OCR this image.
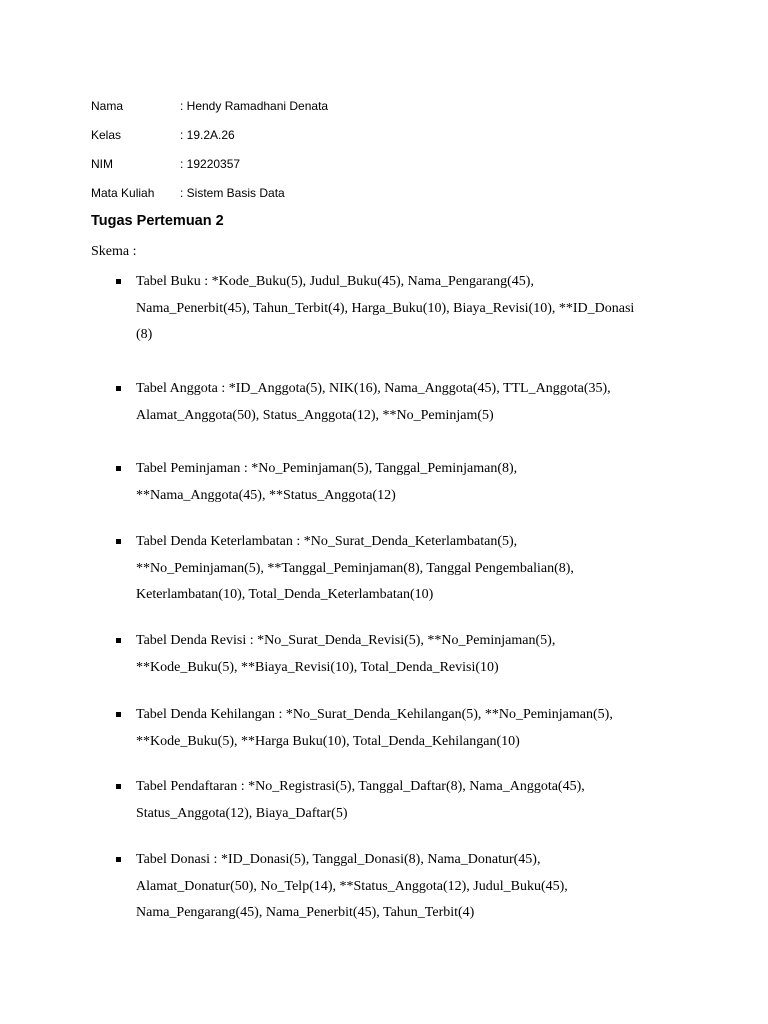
Nama	: Hendy Ramadhani Denata
Kelas	: 19.2A.26
NIM	: 19220357
Mata Kuliah	: Sistem Basis Data
Tugas Pertemuan 2
Skema :
Tabel Buku : *Kode_Buku(5), Judul_Buku(45), Nama_Pengarang(45),
Nama_Penerbit(45), Tahun_Terbit(4), Harga_Buku(10), Biaya_Revisi(10), **ID_Donasi
(8)
Tabel Anggota : *ID_Anggota(5), NIK(16), Nama_Anggota(45), TTL_Anggota(35),
Alamat_Anggota(50), Status_Anggota(12), **No_Peminjam(5)
Tabel Peminjaman : *No_Peminjaman(5), Tanggal_Peminjaman(8),
**Nama_Anggota(45), **Status_Anggota(12)
Tabel Denda Keterlambatan : *No_Surat_Denda_Keterlambatan(5),
**No_Peminjaman(5), **Tanggal_Peminjaman(8), Tanggal Pengembalian(8),
Keterlambatan(10), Total_Denda_Keterlambatan(10)
Tabel Denda Revisi : *No_Surat_Denda_Revisi(5), **No_Peminjaman(5),
**Kode_Buku(5), **Biaya_Revisi(10), Total_Denda_Revisi(10)
Tabel Denda Kehilangan : *No_Surat_Denda_Kehilangan(5), **No_Peminjaman(5),
**Kode_Buku(5), **Harga Buku(10), Total_Denda_Kehilangan(10)
Tabel Pendaftaran : *No_Registrasi(5), Tanggal_Daftar(8), Nama_Anggota(45),
Status_Anggota(12), Biaya_Daftar(5)
Tabel Donasi : *ID_Donasi(5), Tanggal_Donasi(8), Nama_Donatur(45),
Alamat_Donatur(50), No_Telp(14), **Status_Anggota(12), Judul_Buku(45),
Nama_Pengarang(45), Nama_Penerbit(45), Tahun_Terbit(4)
